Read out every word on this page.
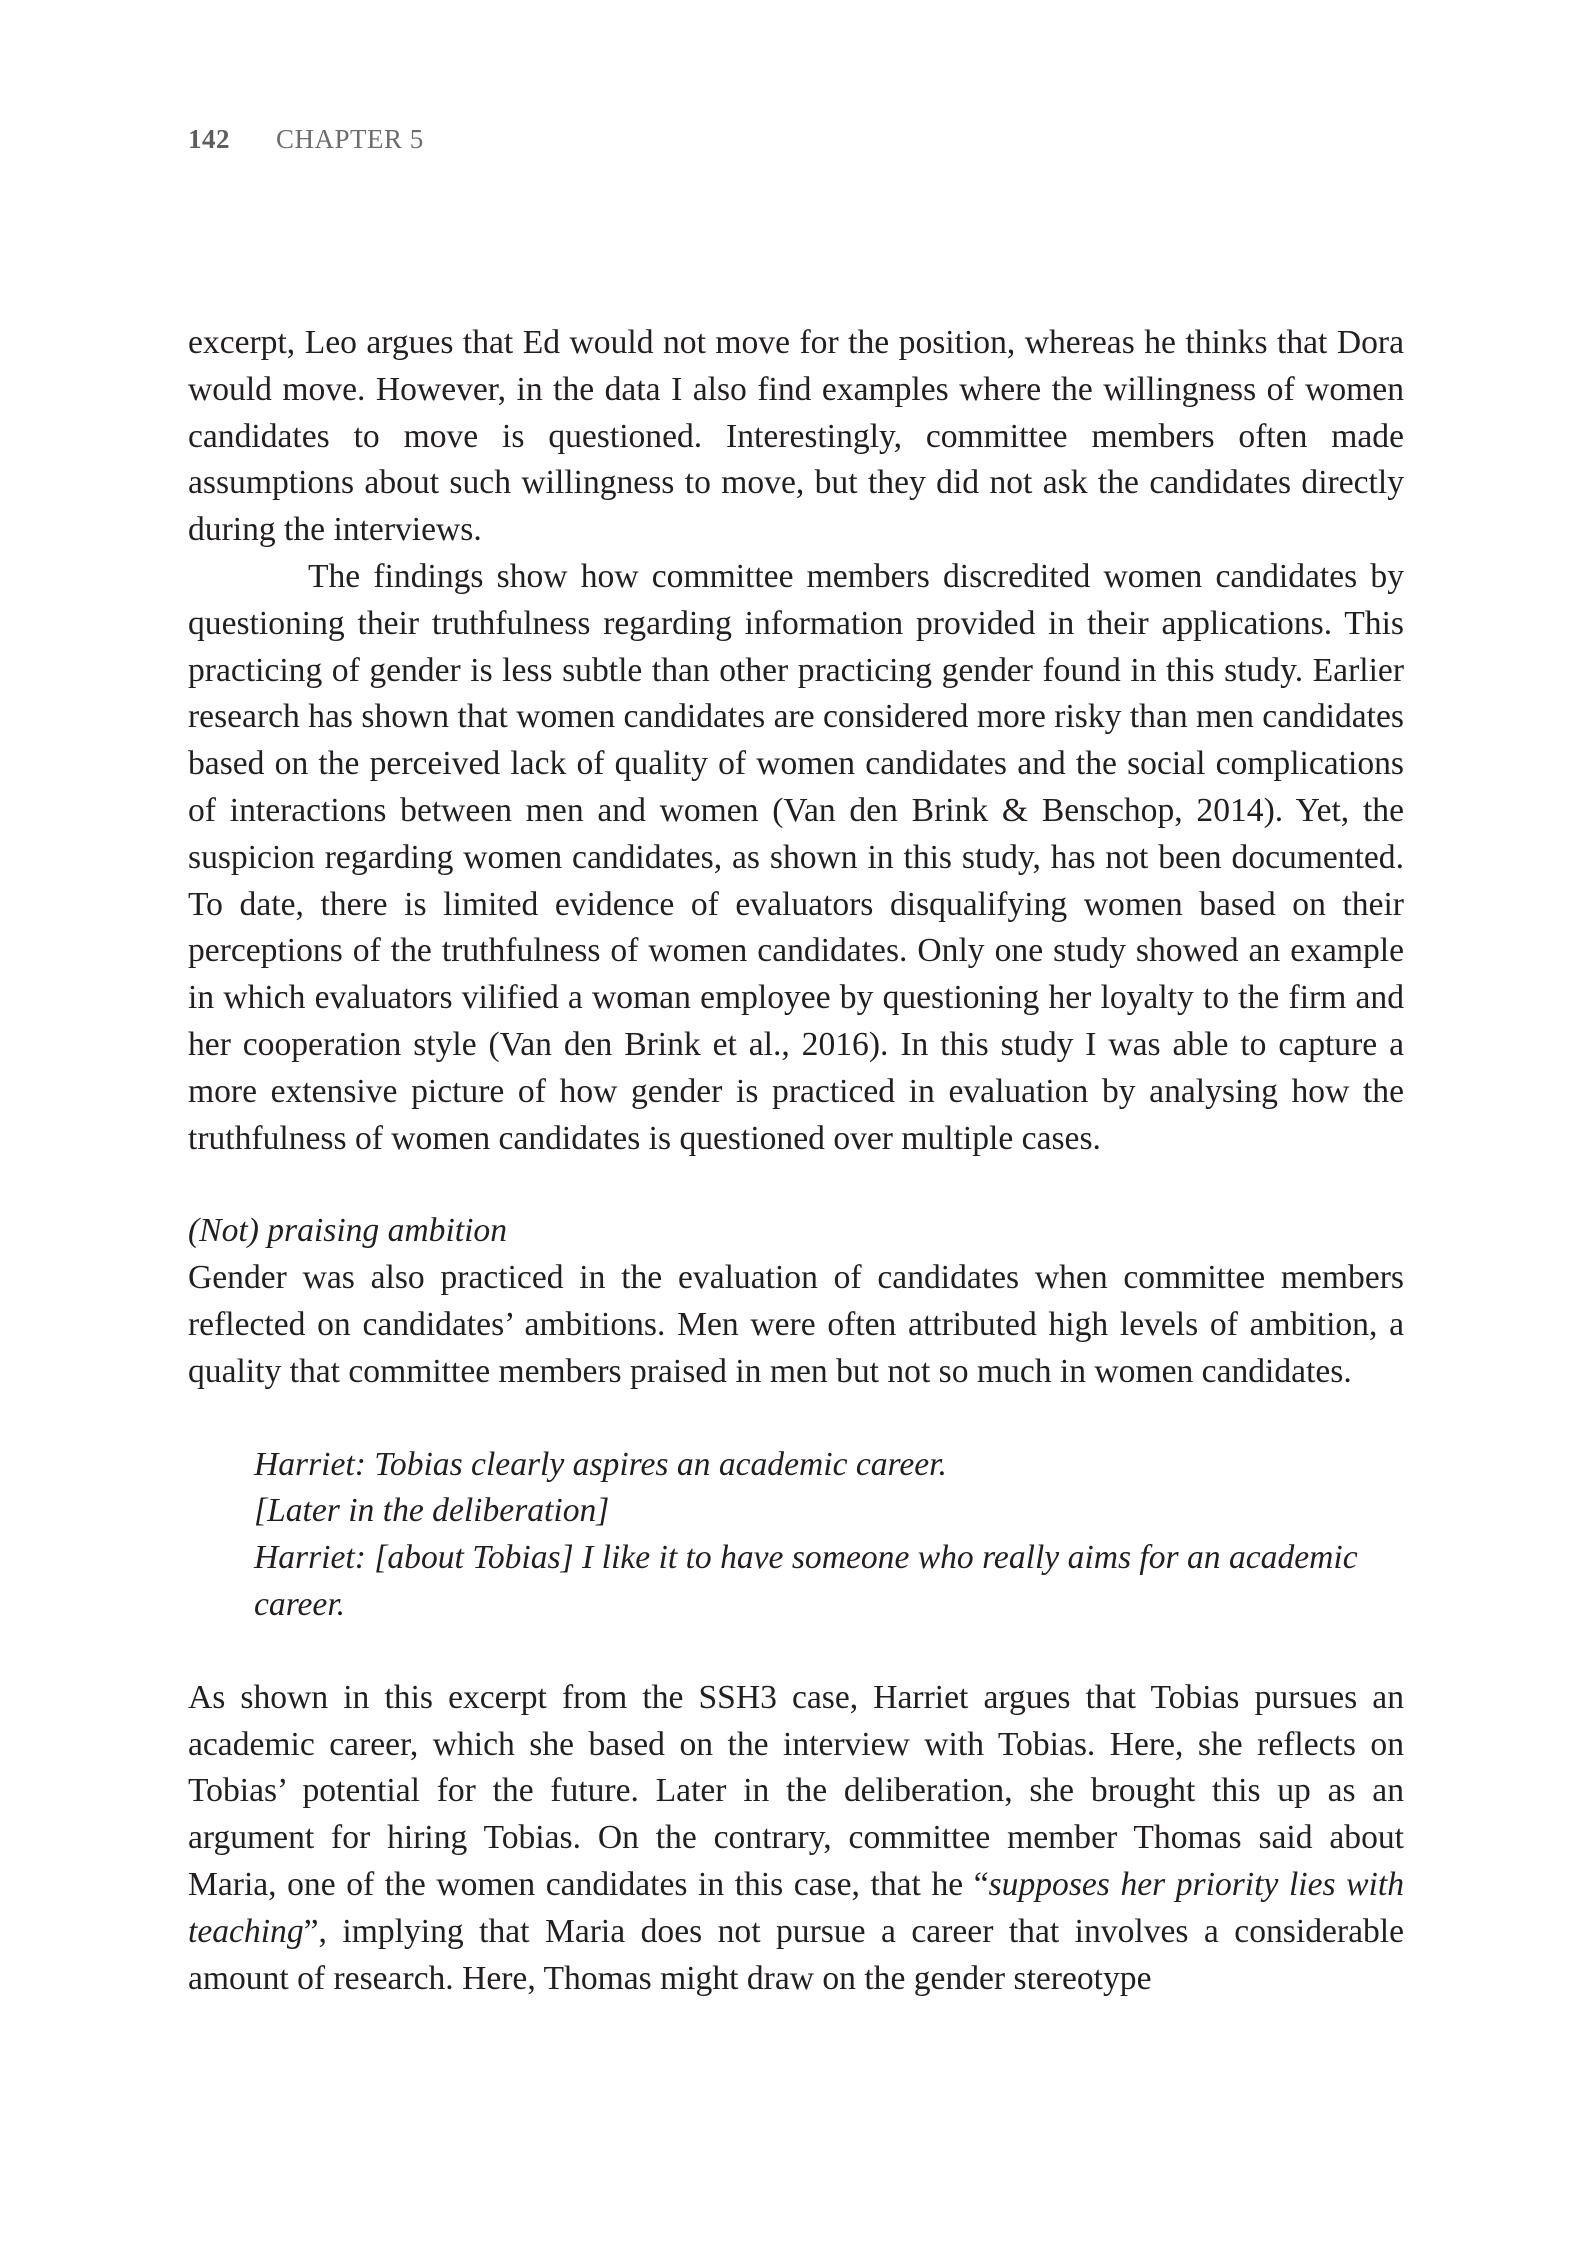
142 CHAPTER 5

excerpt, Leo argues that Ed would not move for the position, whereas he thinks that Dora would move. However, in the data I also find examples where the willingness of women candidates to move is questioned. Interestingly, committee members often made assumptions about such willingness to move, but they did not ask the candidates directly during the interviews.

The findings show how committee members discredited women candidates by questioning their truthfulness regarding information provided in their applications. This practicing of gender is less subtle than other practicing gender found in this study. Earlier research has shown that women candidates are considered more risky than men candidates based on the perceived lack of quality of women candidates and the social complications of interactions between men and women (Van den Brink & Benschop, 2014). Yet, the suspicion regarding women candidates, as shown in this study, has not been documented. To date, there is limited evidence of evaluators disqualifying women based on their perceptions of the truthfulness of women candidates. Only one study showed an example in which evaluators vilified a woman employee by questioning her loyalty to the firm and her cooperation style (Van den Brink et al., 2016). In this study I was able to capture a more extensive picture of how gender is practiced in evaluation by analysing how the truthfulness of women candidates is questioned over multiple cases.

(Not) praising ambition

Gender was also practiced in the evaluation of candidates when committee members reflected on candidates’ ambitions. Men were often attributed high levels of ambition, a quality that committee members praised in men but not so much in women candidates.

Harriet: Tobias clearly aspires an academic career.
[Later in the deliberation]
Harriet: [about Tobias] I like it to have someone who really aims for an academic career.

As shown in this excerpt from the SSH3 case, Harriet argues that Tobias pursues an academic career, which she based on the interview with Tobias. Here, she reflects on Tobias’ potential for the future. Later in the deliberation, she brought this up as an argument for hiring Tobias. On the contrary, committee member Thomas said about Maria, one of the women candidates in this case, that he “supposes her priority lies with teaching”, implying that Maria does not pursue a career that involves a considerable amount of research. Here, Thomas might draw on the gender stereotype
